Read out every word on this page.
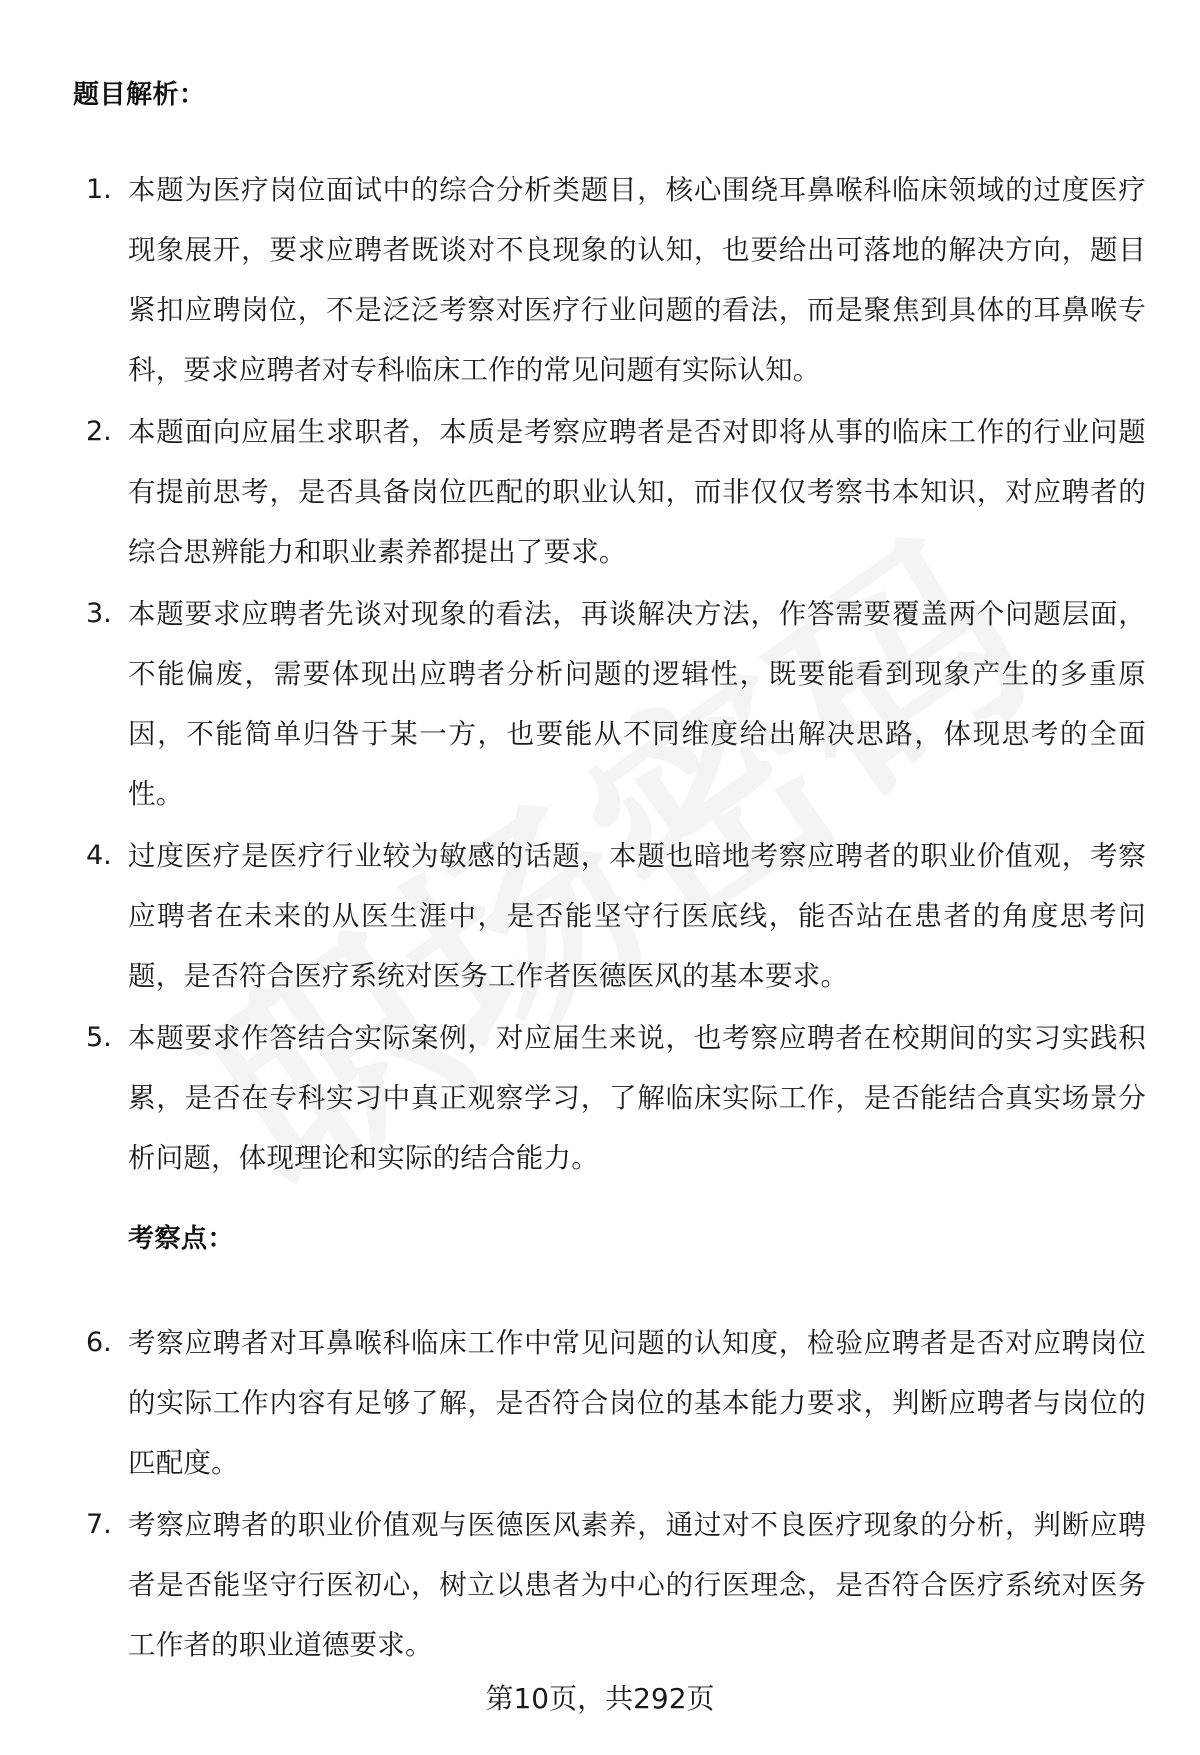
题目解析：
1. 本题为医疗岗位面试中的综合分析类题目，核心围绕耳鼻喉科临床领域的过度医疗现象展开，要求应聘者既谈对不良现象的认知，也要给出可落地的解决方向，题目紧扣应聘岗位，不是泛泛考察对医疗行业问题的看法，而是聚焦到具体的耳鼻喉专科，要求应聘者对专科临床工作的常见问题有实际认知。
2. 本题面向应届生求职者，本质是考察应聘者是否对即将从事的临床工作的行业问题有提前思考，是否具备岗位匹配的职业认知，而非仅仅考察书本知识，对应聘者的综合思辨能力和职业素养都提出了要求。
3. 本题要求应聘者先谈对现象的看法，再谈解决方法，作答需要覆盖两个问题层面，不能偏废，需要体现出应聘者分析问题的逻辑性，既要能看到现象产生的多重原因，不能简单归咎于某一方，也要能从不同维度给出解决思路，体现思考的全面性。
4. 过度医疗是医疗行业较为敏感的话题，本题也暗地考察应聘者的职业价值观，考察应聘者在未来的从医生涯中，是否能坚守行医底线，能否站在患者的角度思考问题，是否符合医疗系统对医务工作者医德医风的基本要求。
5. 本题要求作答结合实际案例，对应届生来说，也考察应聘者在校期间的实习实践积累，是否在专科实习中真正观察学习，了解临床实际工作，是否能结合真实场景分析问题，体现理论和实际的结合能力。
考察点：
6. 考察应聘者对耳鼻喉科临床工作中常见问题的认知度，检验应聘者是否对应聘岗位的实际工作内容有足够了解，是否符合岗位的基本能力要求，判断应聘者与岗位的匹配度。
7. 考察应聘者的职业价值观与医德医风素养，通过对不良医疗现象的分析，判断应聘者是否能坚守行医初心，树立以患者为中心的行医理念，是否符合医疗系统对医务工作者的职业道德要求。
第10页，共292页
